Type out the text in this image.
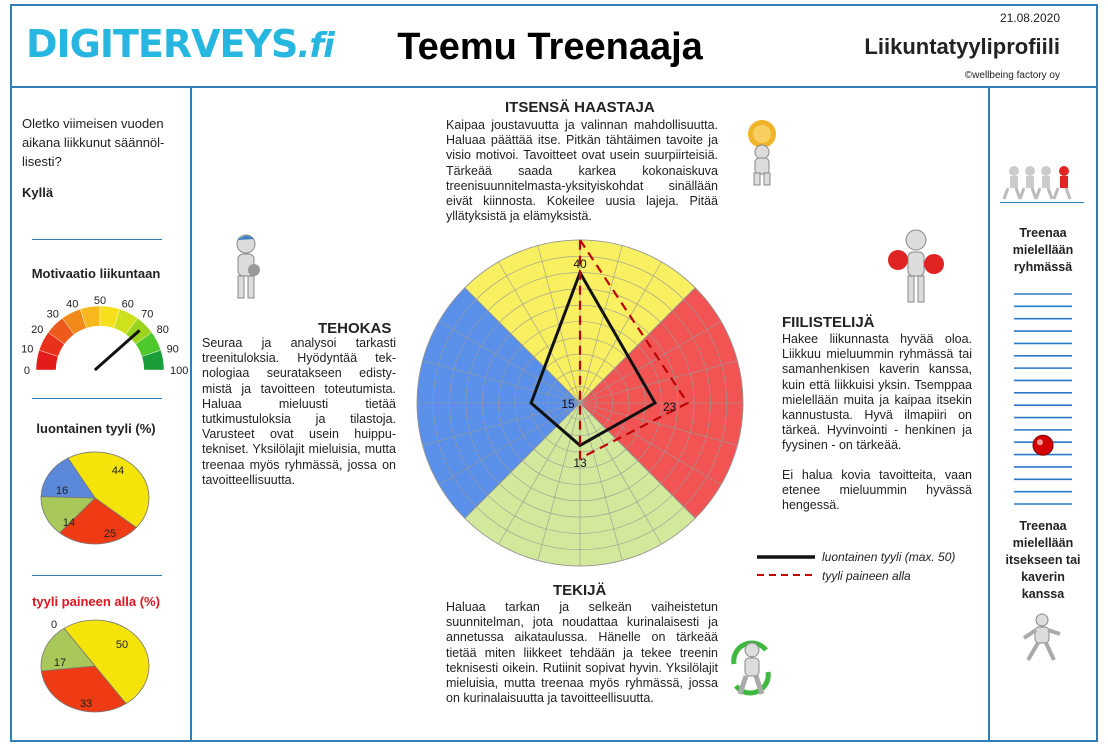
DIGITERVEYS.fi	Teemu Treenaaja
21.08.2020
Liikuntatyyliprofiili
©wellbeing factory oy
Oletko viimeisen vuoden aikana liikkunut säännöl-lisesti?
Kyllä
Motivaatio liikuntaan
0
10
20
30
40 50 60
70
80
90
100
luontainen tyyli (%)
44
25
14
16
tyyli paineen alla (%)
50
33
17
0
ITSENSÄ HAASTAJA
Kaipaa joustavuutta ja valinnan mahdollisuutta. Haluaa päättää itse. Pitkän tähtäimen tavoite ja visio motivoi. Tavoitteet ovat usein suurpiirteisiä. Tärkeää saada karkea kokonaiskuva treenisuunnitelmasta-yksityiskohdat sinällään eivät kiinnosta. Kokeilee uusia lajeja. Pitää yllätyksistä ja elämyksistä.
TEHOKAS
Seuraa ja analysoi tarkasti treenituloksia. Hyödyntää tek-nologiaa seuratakseen edisty-mistä ja tavoitteen toteutumista. Haluaa mieluusti tietää tutkimustuloksia ja tilastoja. Varusteet ovat usein huippu-tekniset. Yksilölajit mieluisia, mutta treenaa myös ryhmässä, jossa on tavoitteellisuutta.
FIILISTELIJÄ
Hakee liikunnasta hyvää oloa. Liikkuu mieluummin ryhmässä tai samanhenkisen kaverin kanssa, kuin että liikkuisi yksin. Tsemppaa mielellään muita ja kaipaa itsekin kannustusta. Hyvä ilmapiiri on tärkeä. Hyvinvointi - henkinen ja fyysinen - on tärkeää.
Ei halua kovia tavoitteita, vaan etenee mieluummin hyvässä hengessä.
TEKIJÄ
Haluaa tarkan ja selkeän vaiheistetun suunnitelman, jota noudattaa kurinalaisesti ja annetussa aikataulussa. Hänelle on tärkeää tietää miten liikkeet tehdään ja tekee treenin teknisesti oikein. Rutiinit sopivat hyvin. Yksilölajit mieluisia, mutta treenaa myös ryhmässä, jossa on kurinalaisuutta ja tavoitteellisuutta.
40
23
13
15
luontainen tyyli (max. 50)
tyyli paineen alla
Treenaa mielellään ryhmässä
Treenaa mielellään itsekseen tai kaverin kanssa
